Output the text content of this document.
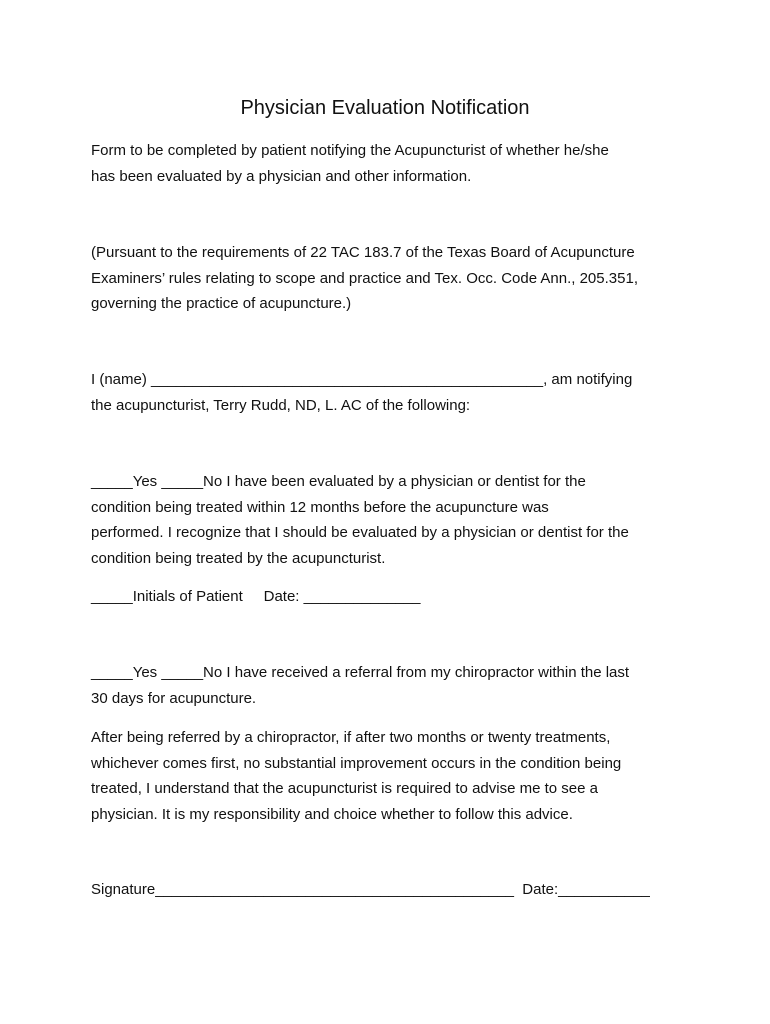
Physician Evaluation Notification

Form to be completed by patient notifying the Acupuncturist of whether he/she
has been evaluated by a physician and other information.

(Pursuant to the requirements of 22 TAC 183.7 of the Texas Board of Acupuncture
Examiners’ rules relating to scope and practice and Tex. Occ. Code Ann., 205.351,
governing the practice of acupuncture.)

I (name) _______________________________________________, am notifying
the acupuncturist, Terry Rudd, ND, L. AC of the following:

_____Yes _____No I have been evaluated by a physician or dentist for the
condition being treated within 12 months before the acupuncture was
performed. I recognize that I should be evaluated by a physician or dentist for the
condition being treated by the acupuncturist.

_____Initials of Patient     Date: ______________

_____Yes _____No I have received a referral from my chiropractor within the last
30 days for acupuncture.

After being referred by a chiropractor, if after two months or twenty treatments,
whichever comes first, no substantial improvement occurs in the condition being
treated, I understand that the acupuncturist is required to advise me to see a
physician. It is my responsibility and choice whether to follow this advice.

Signature___________________________________________  Date:___________
